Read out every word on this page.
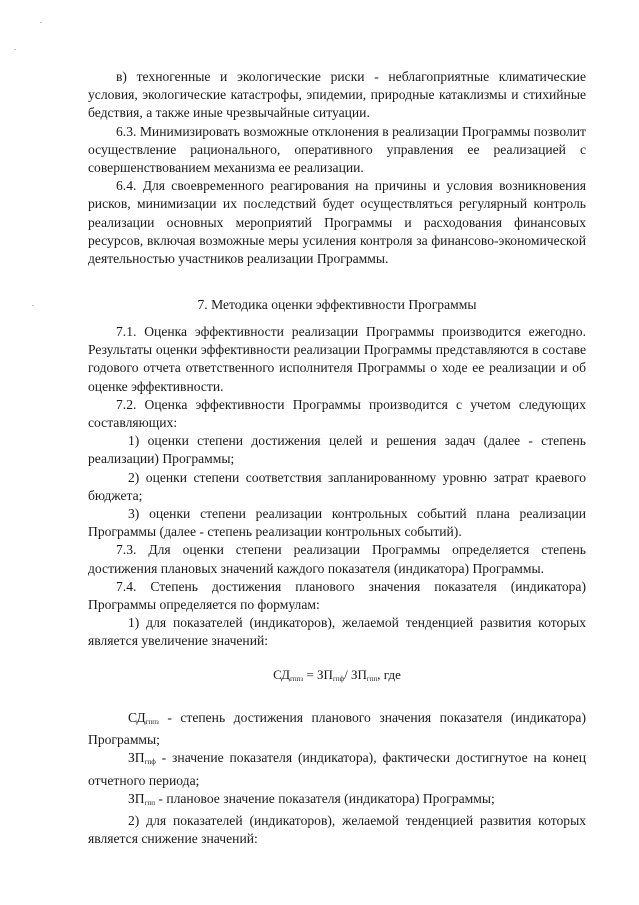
в) техногенные и экологические риски - неблагоприятные климатические условия, экологические катастрофы, эпидемии, природные катаклизмы и стихийные бедствия, а также иные чрезвычайные ситуации.

6.3. Минимизировать возможные отклонения в реализации Программы позволит осуществление рационального, оперативного управления ее реализацией с совершенствованием механизма ее реализации.

6.4. Для своевременного реагирования на причины и условия возникновения рисков, минимизации их последствий будет осуществляться регулярный контроль реализации основных мероприятий Программы и расходования финансовых ресурсов, включая возможные меры усиления контроля за финансово-экономической деятельностью участников реализации Программы.

7. Методика оценки эффективности Программы

7.1. Оценка эффективности реализации Программы производится ежегодно. Результаты оценки эффективности реализации Программы представляются в составе годового отчета ответственного исполнителя Программы о ходе ее реализации и об оценке эффективности.

7.2. Оценка эффективности Программы производится с учетом следующих составляющих:

1) оценки степени достижения целей и решения задач (далее - степень реализации) Программы;

2) оценки степени соответствия запланированному уровню затрат краевого бюджета;

3) оценки степени реализации контрольных событий плана реализации Программы (далее - степень реализации контрольных событий).

7.3. Для оценки степени реализации Программы определяется степень достижения плановых значений каждого показателя (индикатора) Программы.

7.4. Степень достижения планового значения показателя (индикатора) Программы определяется по формулам:

1) для показателей (индикаторов), желаемой тенденцией развития которых является увеличение значений:

$СД_{гппз} = ЗП_{гпф}/$ $ЗП_{гпп}$, где

$СД_{гппз}$ - степень достижения планового значения показателя (индикатора) Программы;

$ЗП_{гпф}$ - значение показателя (индикатора), фактически достигнутое на конец отчетного периода;

$ЗП_{гпп}$ - плановое значение показателя (индикатора) Программы;

2) для показателей (индикаторов), желаемой тенденцией развития которых является снижение значений:
